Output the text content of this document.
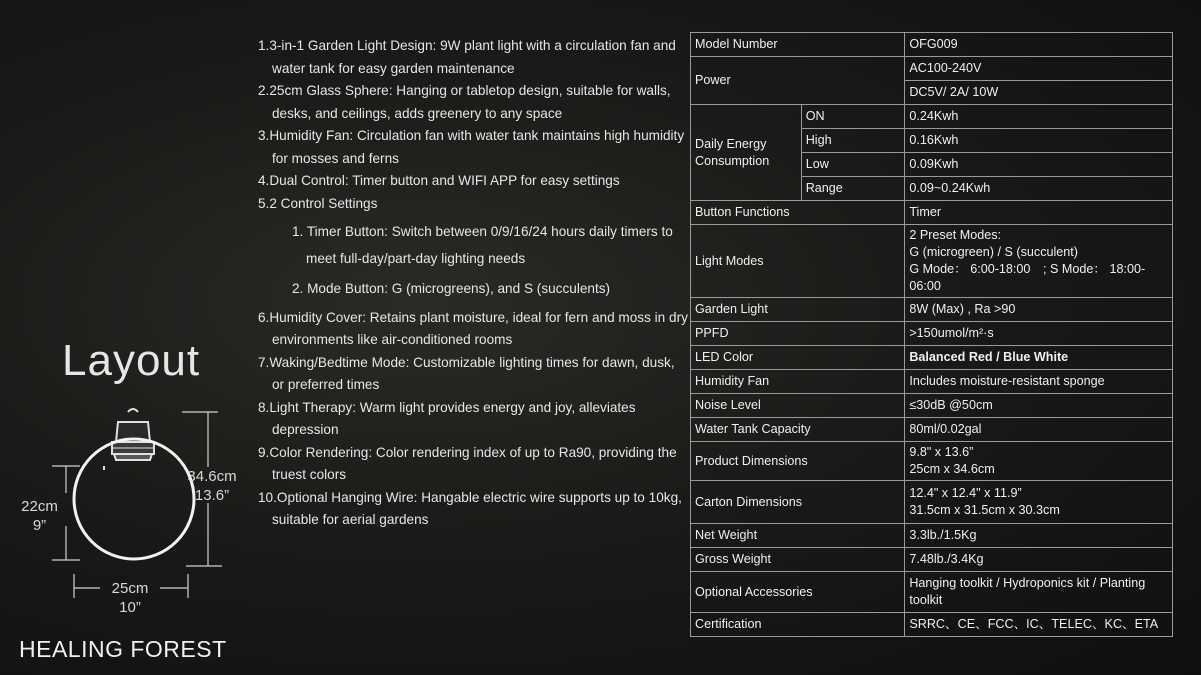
Layout
34.6cm
13.6”
22cm
9”
25cm
10”
HEALING FOREST
1.3-in-1 Garden Light Design: 9W plant light with a circulation fan and water tank for easy garden maintenance
2.25cm Glass Sphere: Hanging or tabletop design, suitable for walls, desks, and ceilings, adds greenery to any space
3.Humidity Fan: Circulation fan with water tank maintains high humidity for mosses and ferns
4.Dual Control: Timer button and WIFI APP for easy settings
5.2 Control Settings
1. Timer Button: Switch between 0/9/16/24 hours daily timers to meet full-day/part-day lighting needs
2. Mode Button: G (microgreens), and S (succulents)
6.Humidity Cover: Retains plant moisture, ideal for fern and moss in dry environments like air-conditioned rooms
7.Waking/Bedtime Mode: Customizable lighting times for dawn, dusk, or preferred times
8.Light Therapy: Warm light provides energy and joy, alleviates depression
9.Color Rendering: Color rendering index of up to Ra90, providing the truest colors
10.Optional Hanging Wire: Hangable electric wire supports up to 10kg, suitable for aerial gardens
Model Number		OFG009
Power		AC100-240V
		DC5V/ 2A/ 10W
Daily Energy Consumption	ON	0.24Kwh
	High	0.16Kwh
	Low	0.09Kwh
	Range	0.09~0.24Kwh
Button Functions		Timer
Light Modes		2 Preset Modes:
G (microgreen) / S (succulent)
G Mode： 6:00-18:00　; S Mode： 18:00-06:00

Garden Light		8W (Max) , Ra >90
PPFD		>150umol/m²·s
LED Color		Balanced Red / Blue White
Humidity Fan		Includes moisture-resistant sponge
Noise Level		≤30dB @50cm
Water Tank Capacity		80ml/0.02gal
Product Dimensions		9.8" x 13.6”
25cm x 34.6cm

Carton Dimensions		12.4" x 12.4" x 11.9”
31.5cm x 31.5cm x 30.3cm

Net Weight		3.3lb./1.5Kg
Gross Weight		7.48lb./3.4Kg
Optional Accessories		Hanging toolkit / Hydroponics kit / Planting toolkit
Certification		SRRC、CE、FCC、IC、TELEC、KC、ETA
